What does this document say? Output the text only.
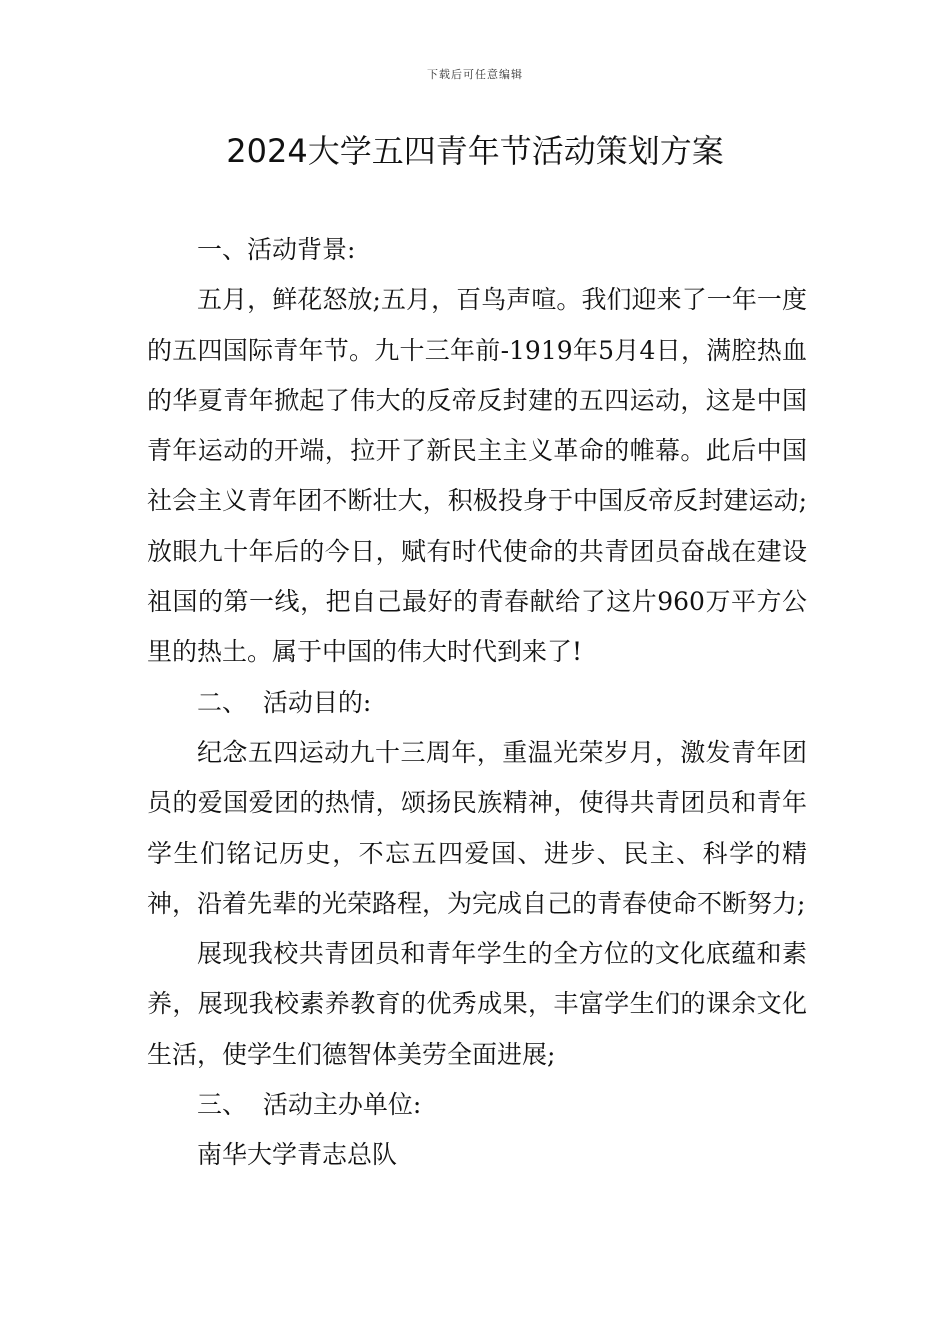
下载后可任意编辑
2024大学五四青年节活动策划方案

一、活动背景:

五月，鲜花怒放;五月，百鸟声喧。我们迎来了一年一度的五四国际青年节。九十三年前-1919年5月4日，满腔热血的华夏青年掀起了伟大的反帝反封建的五四运动，这是中国青年运动的开端，拉开了新民主主义革命的帷幕。此后中国社会主义青年团不断壮大，积极投身于中国反帝反封建运动;放眼九十年后的今日，赋有时代使命的共青团员奋战在建设祖国的第一线，把自己最好的青春献给了这片960万平方公里的热土。属于中国的伟大时代到来了!

二、  活动目的:

纪念五四运动九十三周年，重温光荣岁月，激发青年团员的爱国爱团的热情，颂扬民族精神，使得共青团员和青年学生们铭记历史，不忘五四爱国、进步、民主、科学的精神，沿着先辈的光荣路程，为完成自己的青春使命不断努力;

展现我校共青团员和青年学生的全方位的文化底蕴和素养，展现我校素养教育的优秀成果，丰富学生们的课余文化生活，使学生们德智体美劳全面进展;

三、  活动主办单位:

南华大学青志总队
